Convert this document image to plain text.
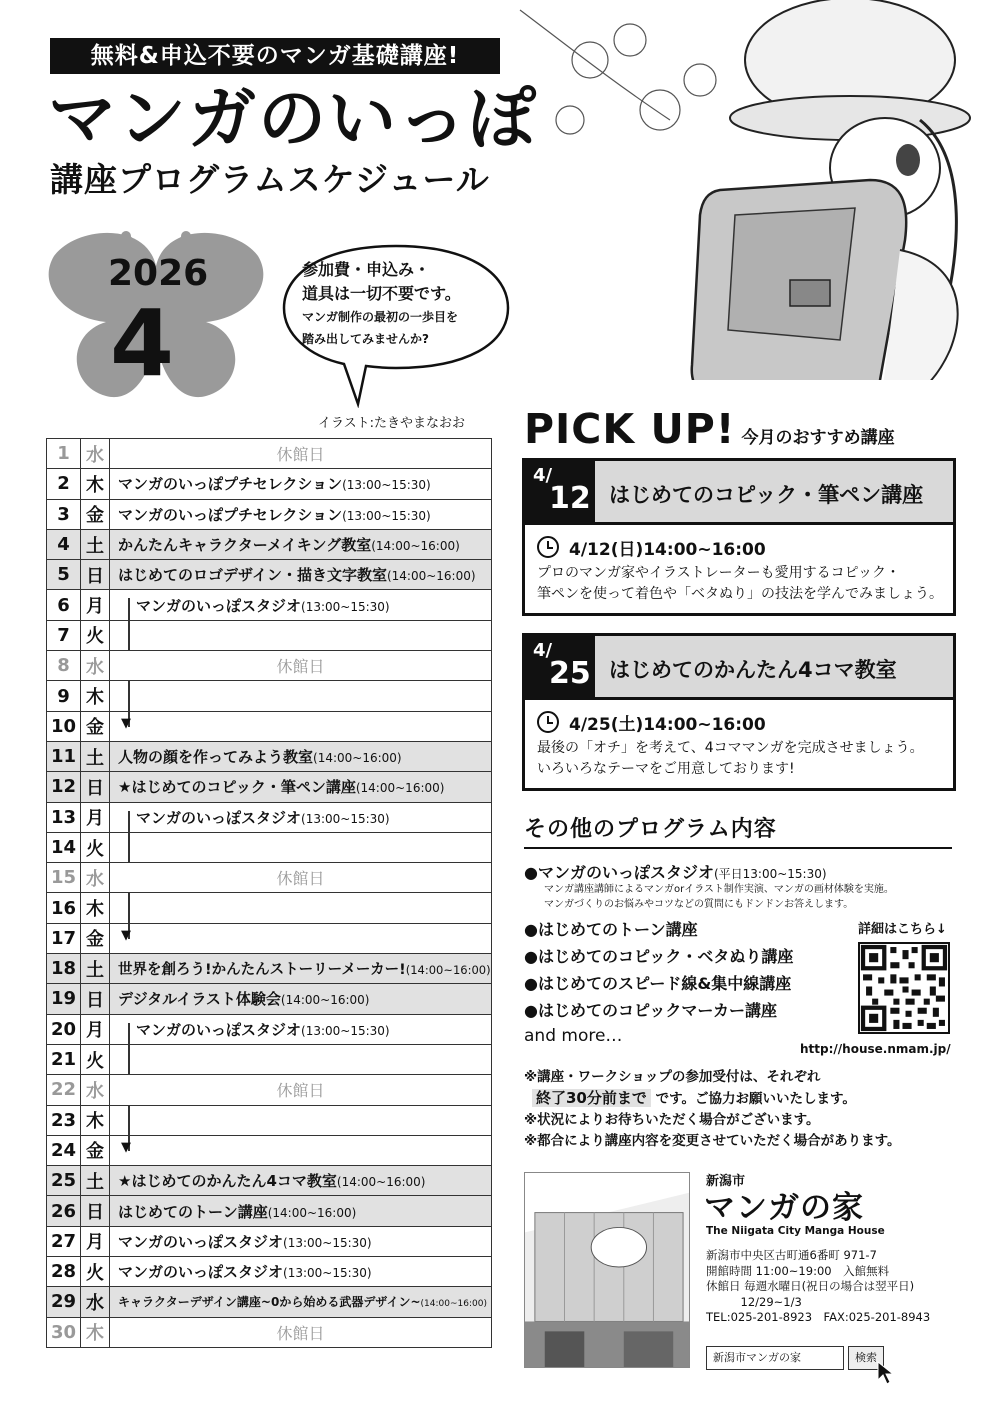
無料&申込不要のマンガ基礎講座!
マンガのいっぽ
講座プログラムスケジュール
2026
4
参加費・申込み・
道具は一切不要です。
マンガ制作の最初の一歩目を
踏み出してみませんか?
イラスト:たきやまなおお
1	水	休館日
2	木	マンガのいっぽプチセレクション(13:00~15:30)
3	金	マンガのいっぽプチセレクション(13:00~15:30)
4	土	かんたんキャラクターメイキング教室(14:00~16:00)
5	日	はじめてのロゴデザイン・描き文字教室(14:00~16:00)
6	月	マンガのいっぽスタジオ(13:00~15:30)
7	火	

8	水	休館日
9	木	

10	金	▼

11	土	人物の顔を作ってみよう教室(14:00~16:00)
12	日	★はじめてのコピック・筆ペン講座(14:00~16:00)
13	月	マンガのいっぽスタジオ(13:00~15:30)
14	火	

15	水	休館日
16	木	

17	金	▼

18	土	世界を創ろう!かんたんストーリーメーカー!(14:00~16:00)
19	日	デジタルイラスト体験会(14:00~16:00)
20	月	マンガのいっぽスタジオ(13:00~15:30)
21	火	

22	水	休館日
23	木	

24	金	▼

25	土	★はじめてのかんたん4コマ教室(14:00~16:00)
26	日	はじめてのトーン講座(14:00~16:00)
27	月	マンガのいっぽスタジオ(13:00~15:30)
28	火	マンガのいっぽスタジオ(13:00~15:30)
29	水	キャラクターデザイン講座~0から始める武器デザイン~(14:00~16:00)
30	木	休館日
PICK UP! 今月のおすすめ講座
4/
12 はじめてのコピック・筆ペン講座
4/12(日)14:00~16:00
プロのマンガ家やイラストレーターも愛用するコピック・
筆ペンを使って着色や「ベタぬり」の技法を学んでみましょう。
4/
25 はじめてのかんたん4コマ教室
4/25(土)14:00~16:00
最後の「オチ」を考えて、4コママンガを完成させましょう。
いろいろなテーマをご用意しております!
その他のプログラム内容
●マンガのいっぽスタジオ(平日13:00~15:30)
マンガ講座講師によるマンガorイラスト制作実演、マンガの画材体験を実施。
マンガづくりのお悩みやコツなどの質問にもドンドンお答えします。
●はじめてのトーン講座
●はじめてのコピック・ベタぬり講座
●はじめてのスピード線&集中線講座
●はじめてのコピックマーカー講座
and more…
詳細はこちら↓
http://house.nmam.jp/
※講座・ワークショップの参加受付は、それぞれ
終了30分前まで です。ご協力お願いいたします。
※状況によりお待ちいただく場合がございます。
※都合により講座内容を変更させていただく場合があります。
新潟市
マンガの家
The Niigata City Manga House
新潟市中央区古町通6番町 971-7
開館時間 11:00~19:00　入館無料
休館日 毎週水曜日(祝日の場合は翌平日)
　　　12/29~1/3
TEL:025-201-8923　FAX:025-201-8943
新潟市マンガの家	検索
